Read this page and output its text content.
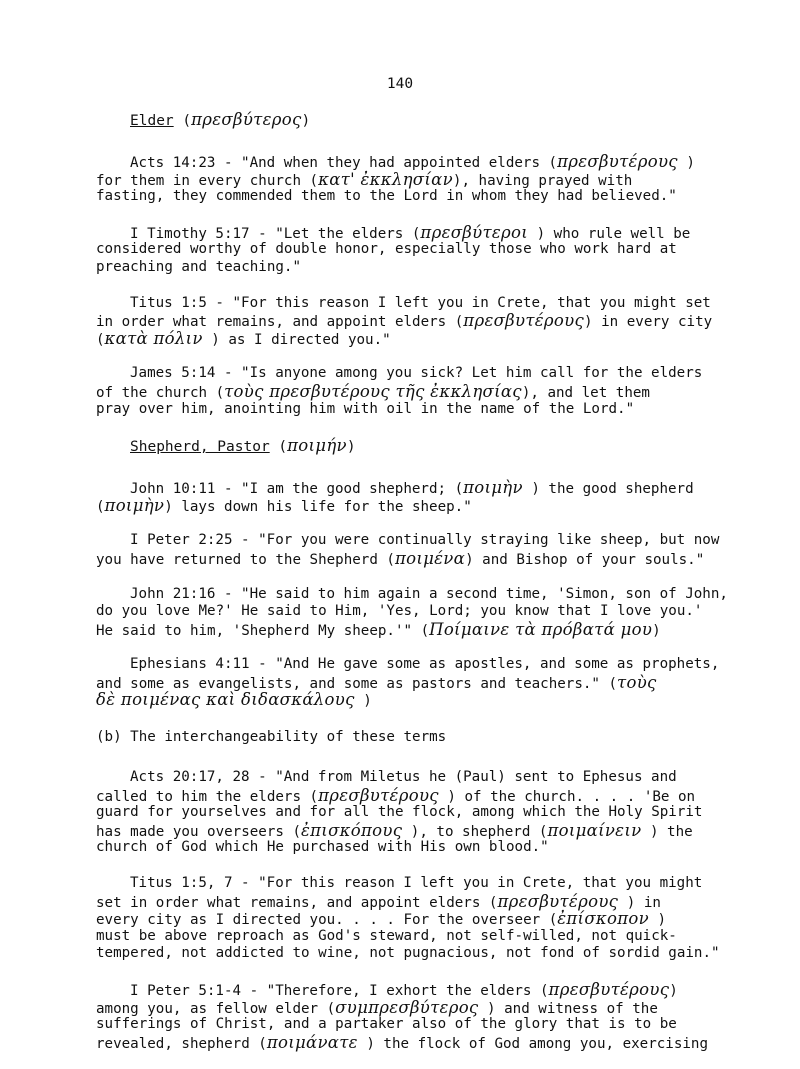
140
Elder (πρεσβύτερος)
Acts 14:23 - "And when they had appointed elders (πρεσβυτέρους )
for them in every church (κατ' ἐκκλησίαν), having prayed with
fasting, they commended them to the Lord in whom they had believed."
I Timothy 5:17 - "Let the elders (πρεσβύτεροι ) who rule well be
considered worthy of double honor, especially those who work hard at
preaching and teaching."
Titus 1:5 - "For this reason I left you in Crete, that you might set
in order what remains, and appoint elders (πρεσβυτέρους) in every city
(κατὰ πόλιν ) as I directed you."
James 5:14 - "Is anyone among you sick? Let him call for the elders
of the church (τοὺς πρεσβυτέρους τῆς ἐκκλησίας), and let them
pray over him, anointing him with oil in the name of the Lord."
Shepherd, Pastor (ποιμήν)
John 10:11 - "I am the good shepherd; (ποιμὴν ) the good shepherd
(ποιμὴν) lays down his life for the sheep."
I Peter 2:25 - "For you were continually straying like sheep, but now
you have returned to the Shepherd (ποιμένα) and Bishop of your souls."
John 21:16 - "He said to him again a second time, 'Simon, son of John,
do you love Me?' He said to Him, 'Yes, Lord; you know that I love you.'
He said to him, 'Shepherd My sheep.'" (Ποίμαινε τὰ πρόβατά μου)
Ephesians 4:11 - "And He gave some as apostles, and some as prophets,
and some as evangelists, and some as pastors and teachers." (τοὺς
δὲ ποιμένας καὶ διδασκάλους )
(b) The interchangeability of these terms
Acts 20:17, 28 - "And from Miletus he (Paul) sent to Ephesus and
called to him the elders (πρεσβυτέρους ) of the church. . . . 'Be on
guard for yourselves and for all the flock, among which the Holy Spirit
has made you overseers (ἐπισκόπους ), to shepherd (ποιμαίνειν ) the
church of God which He purchased with His own blood."
Titus 1:5, 7 - "For this reason I left you in Crete, that you might
set in order what remains, and appoint elders (πρεσβυτέρους ) in
every city as I directed you. . . . For the overseer (ἐπίσκοπον )
must be above reproach as God's steward, not self-willed, not quick-
tempered, not addicted to wine, not pugnacious, not fond of sordid gain."
I Peter 5:1-4 - "Therefore, I exhort the elders (πρεσβυτέρους)
among you, as fellow elder (συμπρεσβύτερος ) and witness of the
sufferings of Christ, and a partaker also of the glory that is to be
revealed, shepherd (ποιμάνατε ) the flock of God among you, exercising
